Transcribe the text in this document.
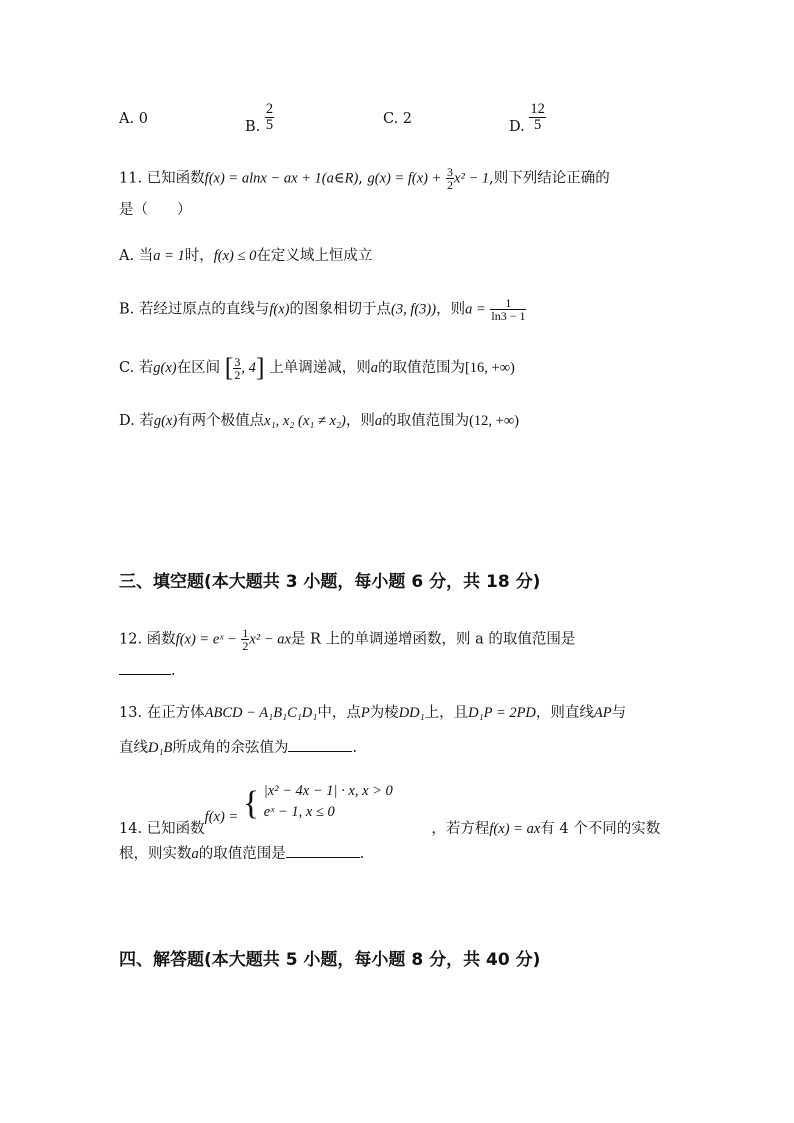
A. 0	B. $\frac{2}{5}$	C. 2	D. $\frac{12}{5}$
11. 已知函数f(x) = alnx − ax + 1(a∈R), $g(x) = f(x) + \frac{3}{2} x^2 - 1$,则下列结论正确的
是（　　）
A. 当a = 1时，f(x) ≤ 0在定义域上恒成立
B. 若经过原点的直线与f(x)的图象相切于点(3, f(3))，则$a = \frac{1}{\ln 3 - 1}$
C. 若g(x)在区间 [ $\frac{3}{2}$ , 4] 上单调递减，则a的取值范围为[16, +∞)
D. 若g(x)有两个极值点x₁, x₂ (x₁ ≠ x₂)，则a的取值范围为(12, +∞)
三、填空题(本大题共 3 小题，每小题 6 分，共 18 分)
12. 函数f(x) = eˣ − $\frac{1}{2} x^2$ − ax是 R 上的单调递增函数，则 a 的取值范围是
.
13. 在正方体ABCD − A₁B₁C₁D₁中，点P为棱DD₁上，且D₁P = 2PD，则直线AP与
直线D₁B所成角的余弦值为	.
14. 已知函数f(x) = { |x² − 4x − 1| · x, x > 0
eˣ − 1, x ≤ 0
，若方程f(x) = ax有 4 个不同的实数
根，则实数a的取值范围是	.
四、解答题(本大题共 5 小题，每小题 8 分，共 40 分)
